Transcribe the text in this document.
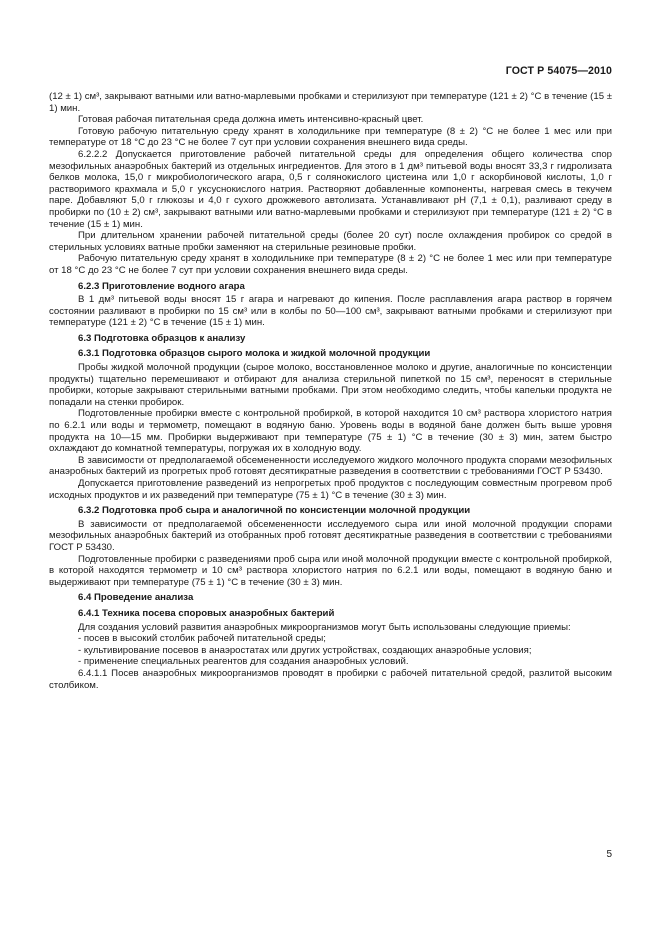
ГОСТ Р 54075—2010

(12 ± 1) см³, закрывают ватными или ватно-марлевыми пробками и стерилизуют при температуре (121 ± 2) °С в течение (15 ± 1) мин.

Готовая рабочая питательная среда должна иметь интенсивно-красный цвет.

Готовую рабочую питательную среду хранят в холодильнике при температуре (8 ± 2) °С не более 1 мес или при температуре от 18 °С до 23 °С не более 7 сут при условии сохранения внешнего вида среды.

6.2.2.2 Допускается приготовление рабочей питательной среды для определения общего количества спор мезофильных анаэробных бактерий из отдельных ингредиентов. Для этого в 1 дм³ питьевой воды вносят 33,3 г гидролизата белков молока, 15,0 г микробиологического агара, 0,5 г солянокислого цистеина или 1,0 г аскорбиновой кислоты, 1,0 г растворимого крахмала и 5,0 г уксуснокислого натрия. Растворяют добавленные компоненты, нагревая смесь в текучем паре. Добавляют 5,0 г глюкозы и 4,0 г сухого дрожжевого автолизата. Устанавливают pH (7,1 ± 0,1), разливают среду в пробирки по (10 ± 2) см³, закрывают ватными или ватно-марлевыми пробками и стерилизуют при температуре (121 ± 2) °С в течение (15 ± 1) мин.

При длительном хранении рабочей питательной среды (более 20 сут) после охлаждения пробирок со средой в стерильных условиях ватные пробки заменяют на стерильные резиновые пробки.

Рабочую питательную среду хранят в холодильнике при температуре (8 ± 2) °С не более 1 мес или при температуре от 18 °С до 23 °С не более 7 сут при условии сохранения внешнего вида среды.

6.2.3 Приготовление водного агара

В 1 дм³ питьевой воды вносят 15 г агара и нагревают до кипения. После расплавления агара раствор в горячем состоянии разливают в пробирки по 15 см³ или в колбы по 50—100 см³, закрывают ватными пробками и стерилизуют при температуре (121 ± 2) °С в течение (15 ± 1) мин.

6.3 Подготовка образцов к анализу

6.3.1 Подготовка образцов сырого молока и жидкой молочной продукции

Пробы жидкой молочной продукции (сырое молоко, восстановленное молоко и другие, аналогичные по консистенции продукты) тщательно перемешивают и отбирают для анализа стерильной пипеткой по 15 см³, переносят в стерильные пробирки, которые закрывают стерильными ватными пробками. При этом необходимо следить, чтобы капельки продукта не попадали на стенки пробирок.

Подготовленные пробирки вместе с контрольной пробиркой, в которой находится 10 см³ раствора хлористого натрия по 6.2.1 или воды и термометр, помещают в водяную баню. Уровень воды в водяной бане должен быть выше уровня продукта на 10—15 мм. Пробирки выдерживают при температуре (75 ± 1) °С в течение (30 ± 3) мин, затем быстро охлаждают до комнатной температуры, погружая их в холодную воду.

В зависимости от предполагаемой обсемененности исследуемого жидкого молочного продукта спорами мезофильных анаэробных бактерий из прогретых проб готовят десятикратные разведения в соответствии с требованиями ГОСТ Р 53430.

Допускается приготовление разведений из непрогретых проб продуктов с последующим совместным прогревом проб исходных продуктов и их разведений при температуре (75 ± 1) °С в течение (30 ± 3) мин.

6.3.2 Подготовка проб сыра и аналогичной по консистенции молочной продукции

В зависимости от предполагаемой обсемененности исследуемого сыра или иной молочной продукции спорами мезофильных анаэробных бактерий из отобранных проб готовят десятикратные разведения в соответствии с требованиями ГОСТ Р 53430.

Подготовленные пробирки с разведениями проб сыра или иной молочной продукции вместе с контрольной пробиркой, в которой находятся термометр и 10 см³ раствора хлористого натрия по 6.2.1 или воды, помещают в водяную баню и выдерживают при температуре (75 ± 1) °С в течение (30 ± 3) мин.

6.4 Проведение анализа

6.4.1 Техника посева споровых анаэробных бактерий

Для создания условий развития анаэробных микроорганизмов могут быть использованы следующие приемы:

- посев в высокий столбик рабочей питательной среды;

- культивирование посевов в анаэростатах или других устройствах, создающих анаэробные условия;

- применение специальных реагентов для создания анаэробных условий.

6.4.1.1 Посев анаэробных микроорганизмов проводят в пробирки с рабочей питательной средой, разлитой высоким столбиком.

5
